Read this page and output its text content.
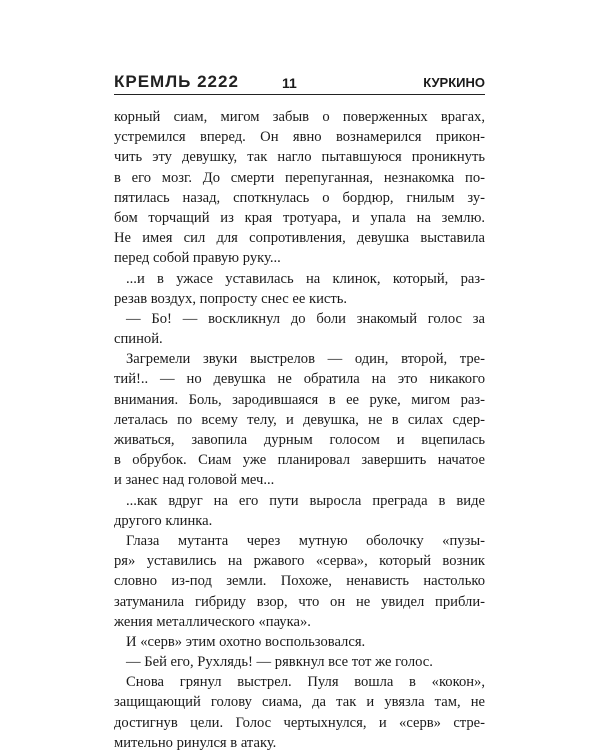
КРЕМЛЬ 2222	11	КУРКИНО
корный сиам, мигом забыв о поверженных врагах,
устремился вперед. Он явно вознамерился прикон-
чить эту девушку, так нагло пытавшуюся проникнуть
в его мозг. До смерти перепуганная, незнакомка по-
пятилась назад, споткнулась о бордюр, гнилым зу-
бом торчащий из края тротуара, и упала на землю.
Не имея сил для сопротивления, девушка выставила
перед собой правую руку...
...и в ужасе уставилась на клинок, который, раз-
резав воздух, попросту снес ее кисть.
— Бо! — воскликнул до боли знакомый голос за
спиной.
Загремели звуки выстрелов — один, второй, тре-
тий!.. — но девушка не обратила на это никакого
внимания. Боль, зародившаяся в ее руке, мигом раз-
леталась по всему телу, и девушка, не в силах сдер-
живаться, завопила дурным голосом и вцепилась
в обрубок. Сиам уже планировал завершить начатое
и занес над головой меч...
...как вдруг на его пути выросла преграда в виде
другого клинка.
Глаза мутанта через мутную оболочку «пузы-
ря» уставились на ржавого «серва», который возник
словно из-под земли. Похоже, ненависть настолько
затуманила гибриду взор, что он не увидел прибли-
жения металлического «паука».
И «серв» этим охотно воспользовался.
— Бей его, Рухлядь! — рявкнул все тот же голос.
Снова грянул выстрел. Пуля вошла в «кокон»,
защищающий голову сиама, да так и увязла там, не
достигнув цели. Голос чертыхнулся, и «серв» стре-
мительно ринулся в атаку.
